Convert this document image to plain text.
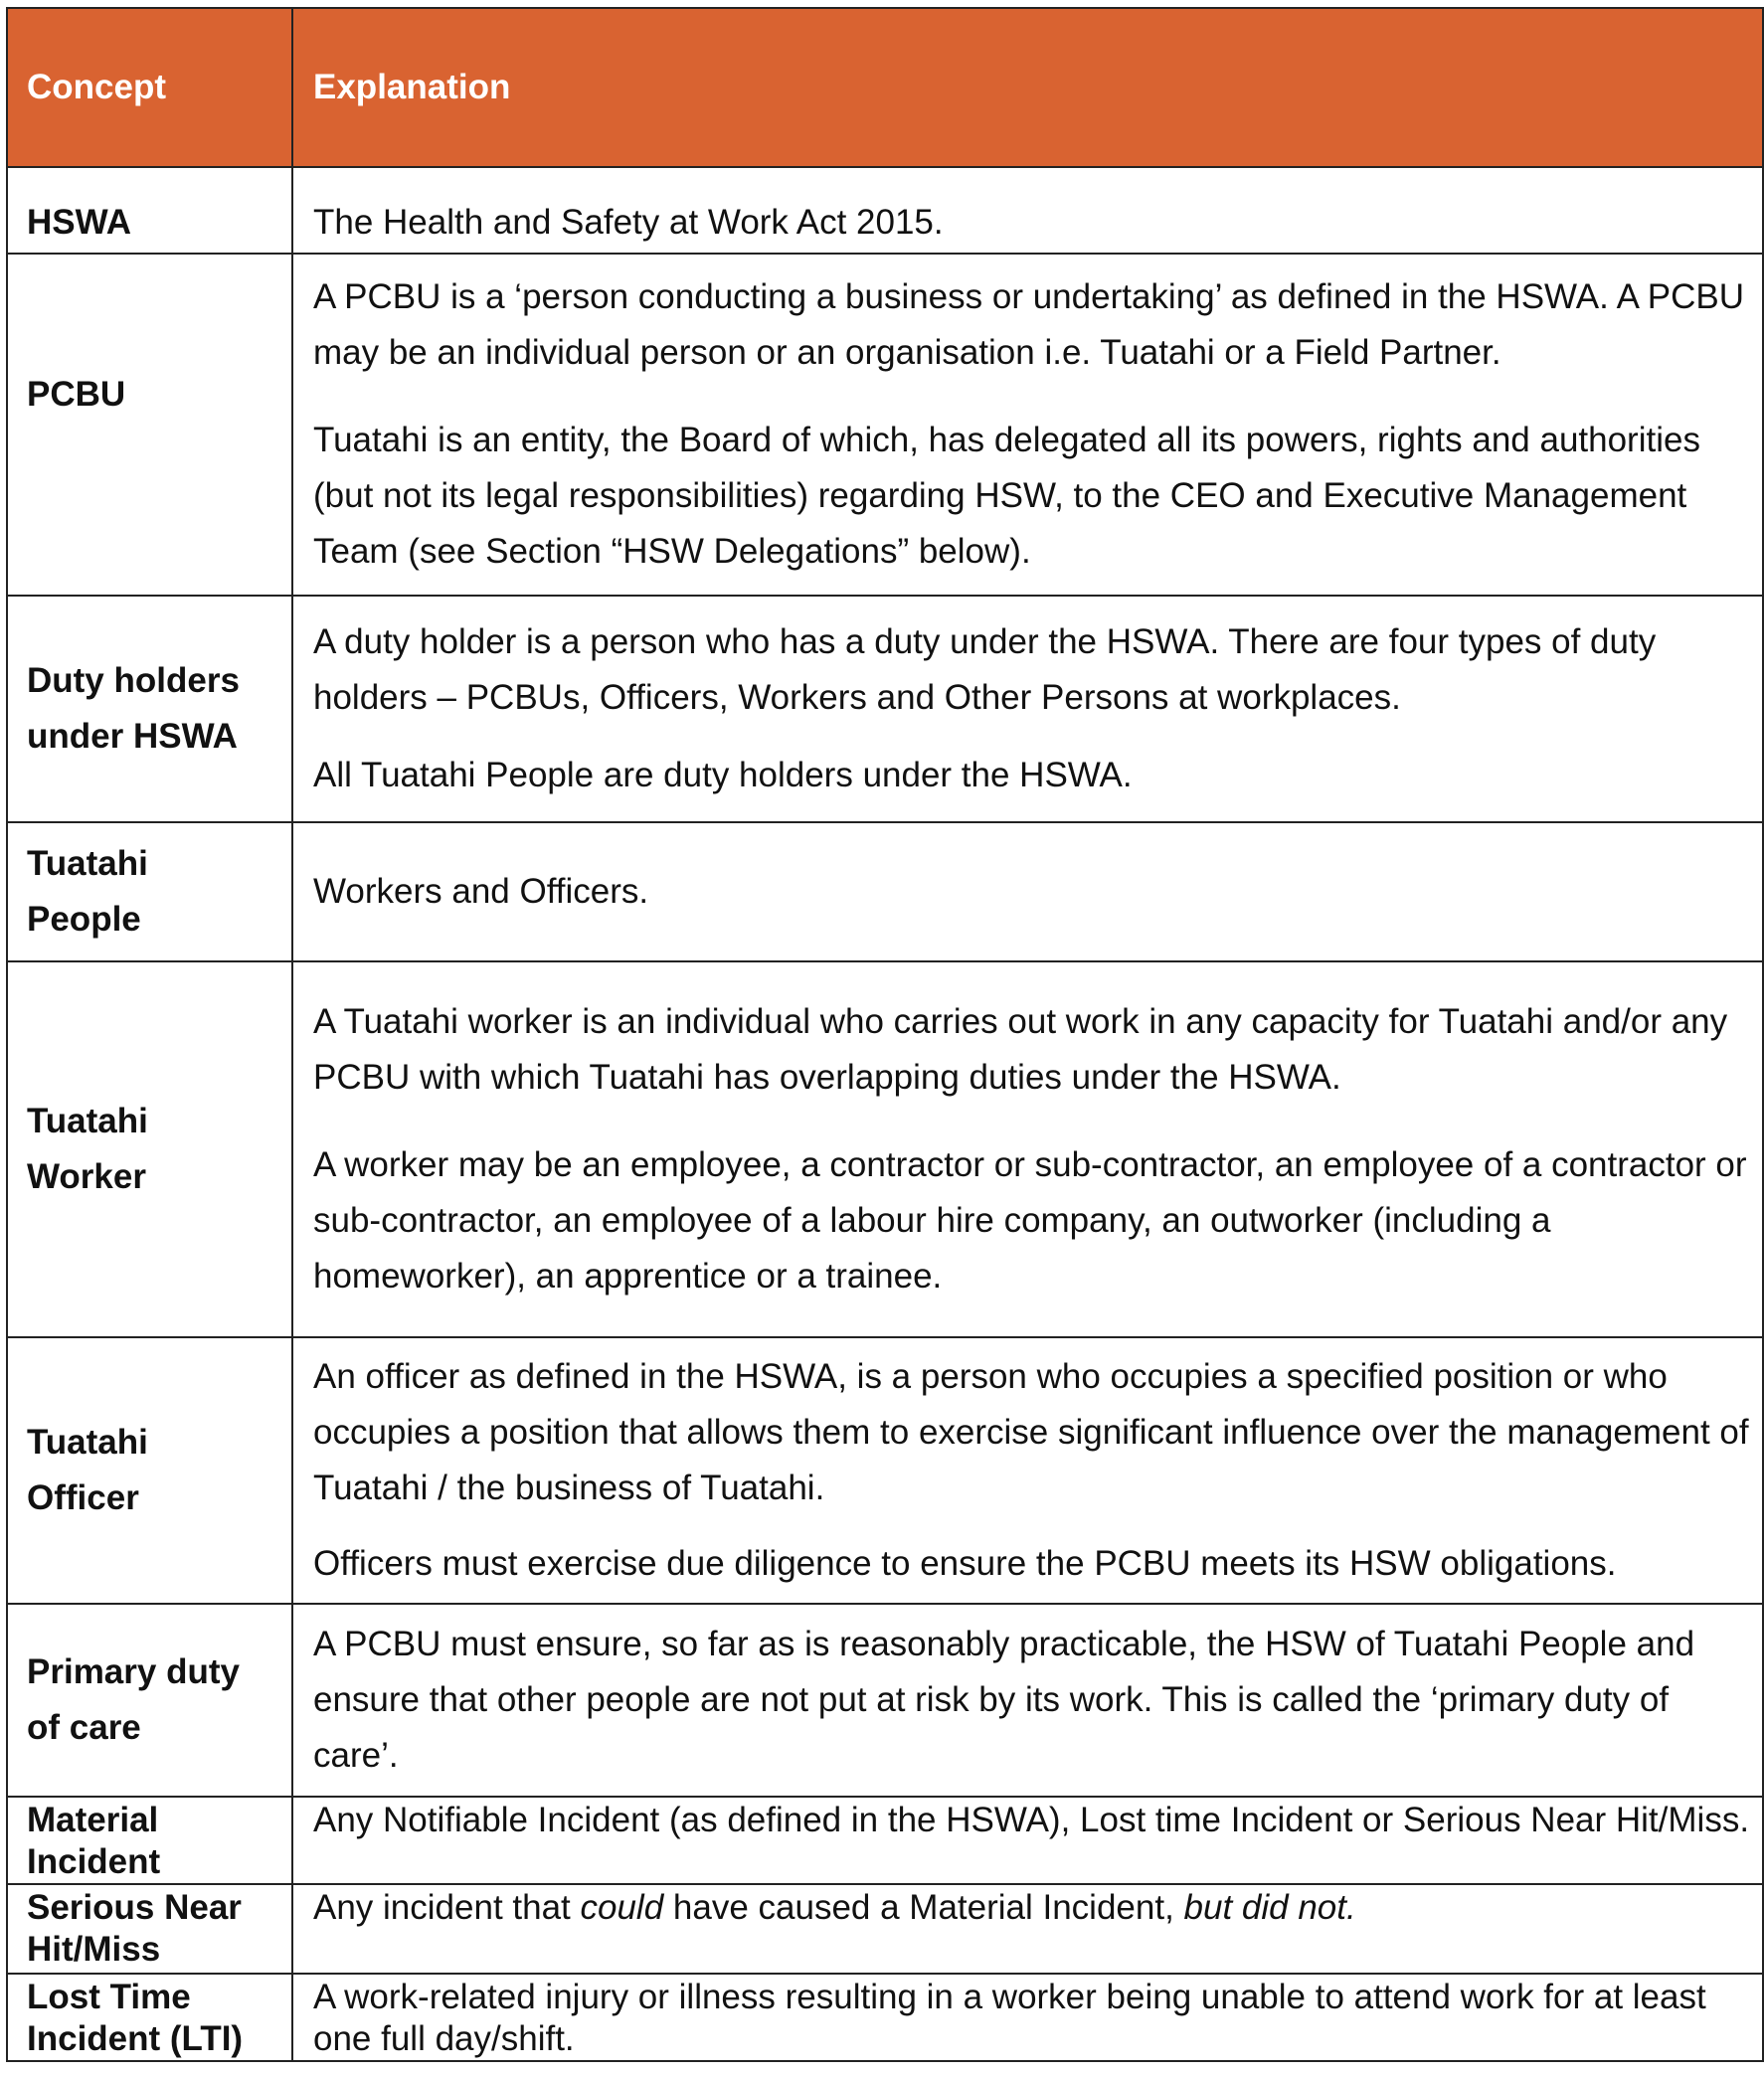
Concept	Explanation
HSWA	The Health and Safety at Work Act 2015.

PCBU	A PCBU is a ‘person conducting a business or undertaking’ as defined in the HSWA. A PCBU may be an individual person or an organisation i.e. Tuatahi or a Field Partner.

Tuatahi is an entity, the Board of which, has delegated all its powers, rights and authorities (but not its legal responsibilities) regarding HSW, to the CEO and Executive Management Team (see Section “HSW Delegations” below).

Duty holders under HSWA	A duty holder is a person who has a duty under the HSWA. There are four types of duty holders – PCBUs, Officers, Workers and Other Persons at workplaces.

All Tuatahi People are duty holders under the HSWA.

Tuatahi People	Workers and Officers.

Tuatahi Worker	A Tuatahi worker is an individual who carries out work in any capacity for Tuatahi and/or any PCBU with which Tuatahi has overlapping duties under the HSWA.

A worker may be an employee, a contractor or sub-contractor, an employee of a contractor or sub-contractor, an employee of a labour hire company, an outworker (including a homeworker), an apprentice or a trainee.

Tuatahi Officer	An officer as defined in the HSWA, is a person who occupies a specified position or who occupies a position that allows them to exercise significant influence over the management of Tuatahi / the business of Tuatahi.

Officers must exercise due diligence to ensure the PCBU meets its HSW obligations.

Primary duty of care	A PCBU must ensure, so far as is reasonably practicable, the HSW of Tuatahi People and ensure that other people are not put at risk by its work. This is called the ‘primary duty of care’.

Material Incident	Any Notifiable Incident (as defined in the HSWA), Lost time Incident or Serious Near Hit/Miss.

Serious Near Hit/Miss	Any incident that could have caused a Material Incident, but did not.

Lost Time Incident (LTI)	A work-related injury or illness resulting in a worker being unable to attend work for at least one full day/shift.
